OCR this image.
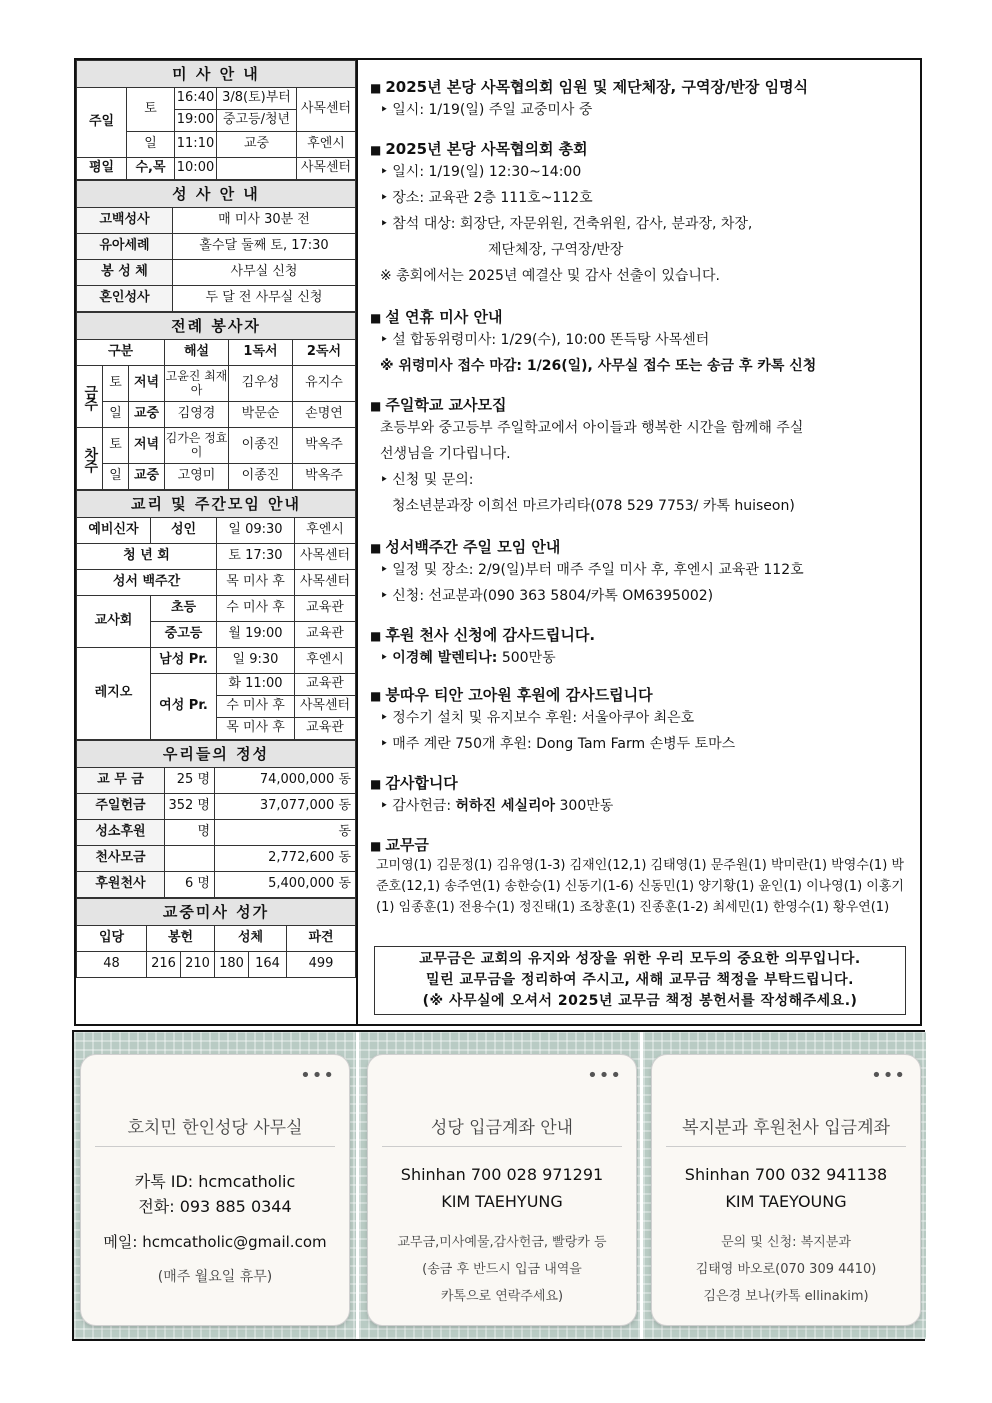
미 사 안 내				
주일	토	16:40	3/8(토)부터	사목센터
		19:00	중고등/청년	
	일	11:10	교중	후엔시
평일	수,목	10:00		사목센터
성 사 안 내	
고백성사	매 미사 30분 전
유아세례	홀수달 둘째 토, 17:30
봉 성 체	사무실 신청
혼인성사	두 달 전 사무실 신청
전례 봉사자					
구분			해설	1독서	2독서
금주	토	저녁	고윤진 최재아	김우성	유지수
	일	교중	김영경	박문순	손명연
차주	토	저녁	김가은 정효이	이종진	박옥주
	일	교중	고영미	이종진	박옥주
교리 및 주간모임 안내			
예비신자	성인	일 09:30	후엔시
청 년 회		토 17:30	사목센터
성서 백주간		목 미사 후	사목센터
교사회	초등	수 미사 후	교육관
	중고등	월 19:00	교육관
레지오	남성 Pr.	일 9:30	후엔시
	여성 Pr.	화 11:00	교육관
		수 미사 후	사목센터
		목 미사 후	교육관
우리들의 정성		
교 무 금	25 명	74,000,000 동
주일헌금	352 명	37,077,000 동
성소후원	명	동
천사모금		2,772,600 동
후원천사	6 명	5,400,000 동
교중미사 성가					
입당	봉헌		성체		파견
48	216	210	180	164	499
■ 2025년 본당 사목협의회 임원 및 제단체장, 구역장/반장 임명식

‣ 일시: 1/19(일) 주일 교중미사 중

■ 2025년 본당 사목협의회 총회

‣ 일시: 1/19(일) 12:30~14:00

‣ 장소: 교육관 2층 111호~112호

‣ 참석 대상: 회장단, 자문위원, 건축위원, 감사, 분과장, 차장,

제단체장, 구역장/반장

※ 총회에서는 2025년 예결산 및 감사 선출이 있습니다.

■ 설 연휴 미사 안내

‣ 설 합동위령미사: 1/29(수), 10:00 똔득탕 사목센터

※ 위령미사 접수 마감: 1/26(일), 사무실 접수 또는 송금 후 카톡 신청

■ 주일학교 교사모집

초등부와 중고등부 주일학교에서 아이들과 행복한 시간을 함께해 주실

선생님을 기다립니다.

‣ 신청 및 문의:

청소년분과장 이희선 마르가리타(078 529 7753/ 카톡 huiseon)

■ 성서백주간 주일 모임 안내

‣ 일정 및 장소: 2/9(일)부터 매주 주일 미사 후, 후엔시 교육관 112호

‣ 신청: 선교분과(090 363 5804/카톡 OM6395002)

■ 후원 천사 신청에 감사드립니다.

‣ 이경혜 발렌티나: 500만동

■ 붕따우 티안 고아원 후원에 감사드립니다

‣ 정수기 설치 및 유지보수 후원: 서울아쿠아 최은호

‣ 매주 계란 750개 후원: Dong Tam Farm 손병두 토마스

■ 감사합니다

‣ 감사헌금: 허하진 세실리아 300만동

■ 교무금

고미영(1) 김문정(1) 김유영(1-3) 김재인(12,1) 김태영(1) 문주원(1) 박미란(1) 박영수(1) 박준호(12,1) 송주연(1) 송한승(1) 신동기(1-6) 신동민(1) 양기황(1) 윤인(1) 이나영(1) 이홍기(1) 임종훈(1) 전용수(1) 정진태(1) 조창훈(1) 진종훈(1-2) 최세민(1) 한영수(1) 황우연(1)

교무금은 교회의 유지와 성장을 위한 우리 모두의 중요한 의무입니다.
밀린 교무금을 정리하여 주시고, 새해 교무금 책정을 부탁드립니다.
(※ 사무실에 오셔서 2025년 교무금 책정 봉헌서를 작성해주세요.)
•••
호치민 한인성당 사무실
카톡 ID: hcmcatholic
전화: 093 885 0344
메일: hcmcatholic@gmail.com
(매주 월요일 휴무)
•••
성당 입금계좌 안내
Shinhan 700 028 971291
KIM TAEHYUNG
교무금,미사예물,감사헌금, 빨랑카 등
(송금 후 반드시 입금 내역을
카톡으로 연락주세요)
•••
복지분과 후원천사 입금계좌
Shinhan 700 032 941138
KIM TAEYOUNG
문의 및 신청: 복지분과
김태영 바오로(070 309 4410)
김은경 보나(카톡 ellinakim)
